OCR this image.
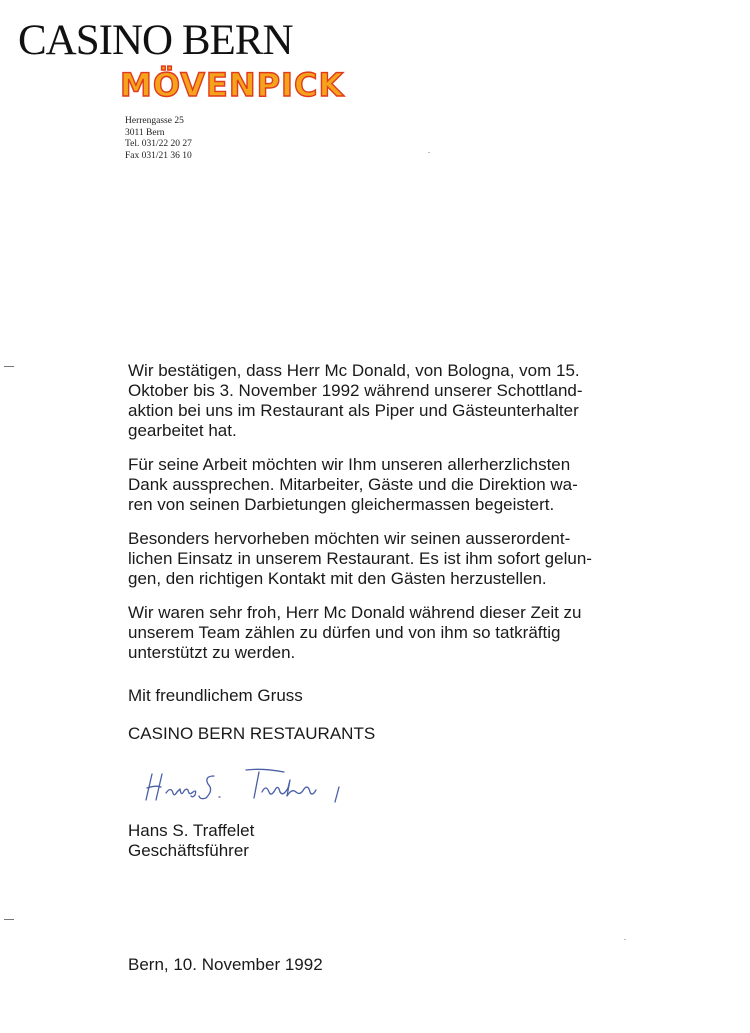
CASINO BERN
MÖVENPICK
Herrengasse 25
3011 Bern
Tel. 031/22 20 27
Fax 031/21 36 10

Wir bestätigen, dass Herr Mc Donald, von Bologna, vom 15.
Oktober bis 3. November 1992 während unserer Schottland-
aktion bei uns im Restaurant als Piper und Gästeunterhalter
gearbeitet hat.

Für seine Arbeit möchten wir Ihm unseren allerherzlichsten
Dank aussprechen. Mitarbeiter, Gäste und die Direktion wa-
ren von seinen Darbietungen gleichermassen begeistert.

Besonders hervorheben möchten wir seinen ausserordent-
lichen Einsatz in unserem Restaurant. Es ist ihm sofort gelun-
gen, den richtigen Kontakt mit den Gästen herzustellen.

Wir waren sehr froh, Herr Mc Donald während dieser Zeit zu
unserem Team zählen zu dürfen und von ihm so tatkräftig
unterstützt zu werden.

Mit freundlichem Gruss
CASINO BERN RESTAURANTS
Hans S. Traffelet
Geschäftsführer
Bern, 10. November 1992
